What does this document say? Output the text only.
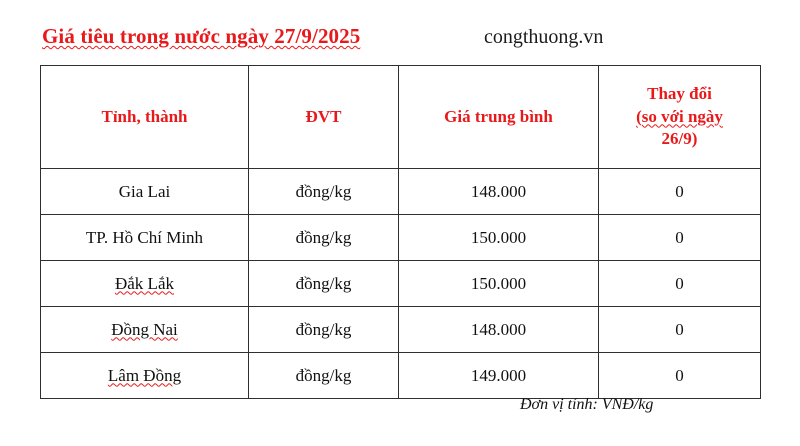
Giá tiêu trong nước ngày 27/9/2025	congthuong.vn
Tỉnh, thành	ĐVT	Giá trung bình	Thay đổi
(so với ngày
26/9)

Gia Lai	đồng/kg	148.000	0
TP. Hồ Chí Minh	đồng/kg	150.000	0
Đắk Lắk	đồng/kg	150.000	0
Đồng Nai	đồng/kg	148.000	0
Lâm Đồng	đồng/kg	149.000	0
Đơn vị tính: VNĐ/kg
